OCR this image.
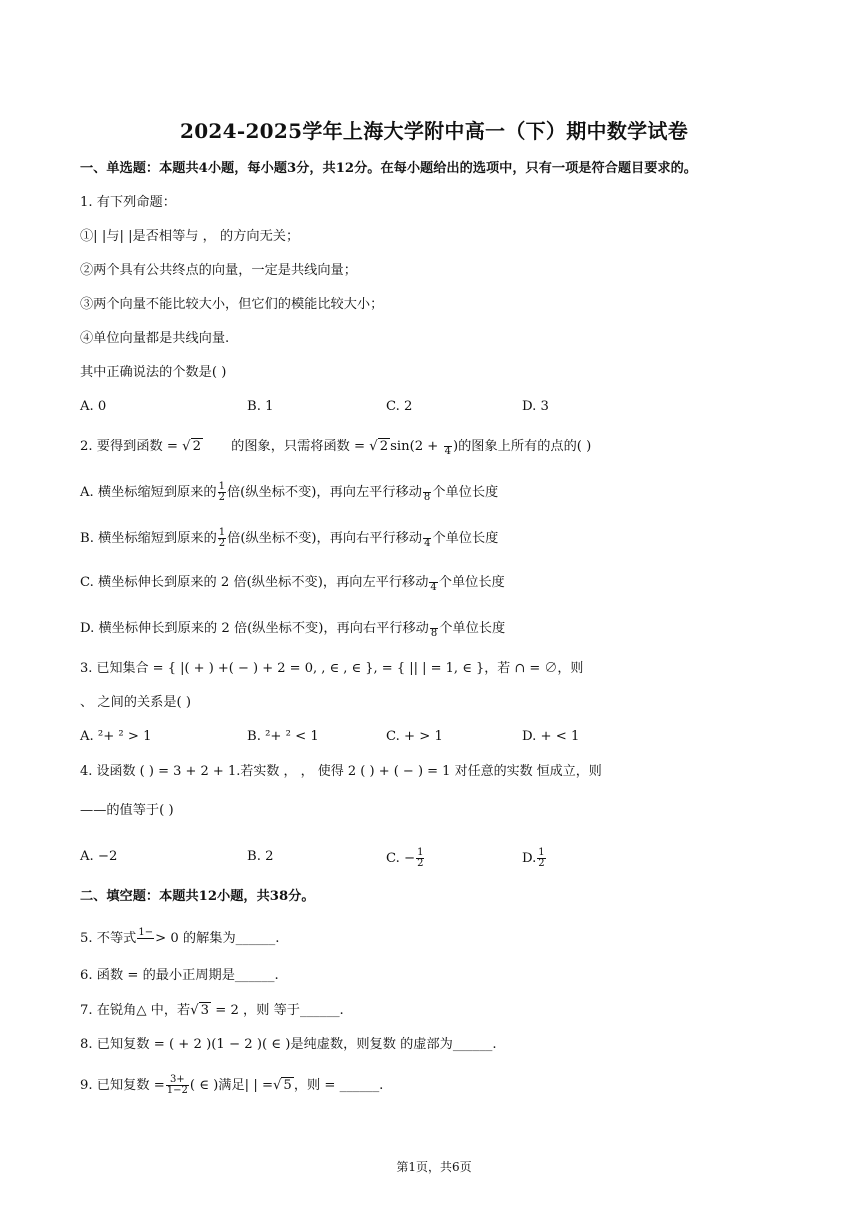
2024-2025学年上海大学附中高一（下）期中数学试卷
一、单选题：本题共4小题，每小题3分，共12分。在每小题给出的选项中，只有一项是符合题目要求的。
1. 有下列命题：
①| |与| |是否相等与 ， 的方向无关；
②两个具有公共终点的向量，一定是共线向量；
③两个向量不能比较大小，但它们的模能比较大小；
④单位向量都是共线向量.
其中正确说法的个数是( )
A. 0	B. 1	C. 2	D. 3
2. 要得到函数 = √ 2 的图象，只需将函数 = √ 2 sin(2 +
4 )的图象上所有的点的( )
A. 横坐标缩短到原来的 $\frac{1}{2}$ 倍(纵坐标不变)，再向左平行移动
8 个单位长度
B. 横坐标缩短到原来的 $\frac{1}{2}$ 倍(纵坐标不变)，再向右平行移动
4 个单位长度
C. 横坐标伸长到原来的 2 倍(纵坐标不变)，再向左平行移动
4 个单位长度
D. 横坐标伸长到原来的 2 倍(纵坐标不变)，再向右平行移动
8 个单位长度
3. 已知集合 = { |( + ) +( − ) + 2 = 0, , ∈ , ∈ }, = { || | = 1, ∈ }，若 ∩ = ∅，则
、 之间的关系是( )
A. ²+ ² > 1	B. ²+ ² < 1	C. + > 1	D. + < 1
4. 设函数 ( ) = 3 + 2 + 1.若实数 ， ， 使得 2 ( ) + ( − ) = 1 对任意的实数 恒成立，则
——的值等于( )
A. −2	B. 2	C. − $\frac{1}{2}$	D. $\frac{1}{2}$
二、填空题：本题共12小题，共38分。
5. 不等式 1−
> 0 的解集为______.
6. 函数 = 的最小正周期是______.
7. 在锐角△ 中，若√ 3 = 2 ，则 等于______.
8. 已知复数 = ( + 2 )(1 − 2 )( ∈ )是纯虚数，则复数 的虚部为______.
9. 已知复数 = $\frac{3+}{1-2}$ ( ∈ )满足| | =√ 5 ，则 = ______.
第1页，共6页
